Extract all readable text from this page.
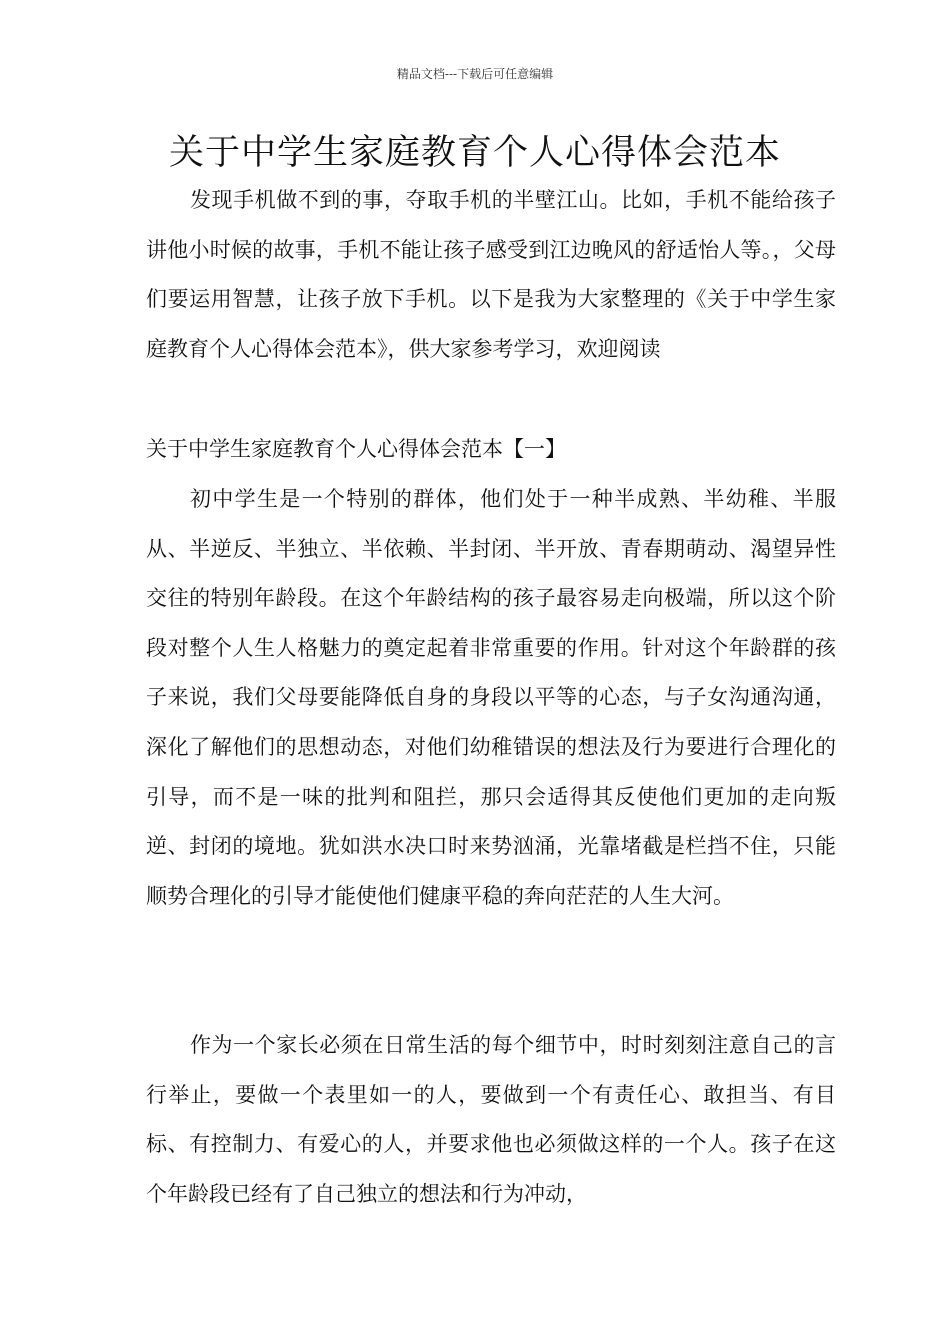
精品文档---下载后可任意编辑
关于中学生家庭教育个人心得体会范本

发现手机做不到的事，夺取手机的半壁江山。比如，手机不能给孩子讲他小时候的故事，手机不能让孩子感受到江边晚风的舒适怡人等。，父母们要运用智慧，让孩子放下手机。以下是我为大家整理的《关于中学生家庭教育个人心得体会范本》，供大家参考学习，欢迎阅读

关于中学生家庭教育个人心得体会范本【一】

初中学生是一个特别的群体，他们处于一种半成熟、半幼稚、半服从、半逆反、半独立、半依赖、半封闭、半开放、青春期萌动、渴望异性交往的特别年龄段。在这个年龄结构的孩子最容易走向极端，所以这个阶段对整个人生人格魅力的奠定起着非常重要的作用。针对这个年龄群的孩子来说，我们父母要能降低自身的身段以平等的心态，与子女沟通沟通，深化了解他们的思想动态，对他们幼稚错误的想法及行为要进行合理化的引导，而不是一味的批判和阻拦，那只会适得其反使他们更加的走向叛逆、封闭的境地。犹如洪水决口时来势汹涌，光靠堵截是栏挡不住，只能顺势合理化的引导才能使他们健康平稳的奔向茫茫的人生大河。

作为一个家长必须在日常生活的每个细节中，时时刻刻注意自己的言行举止，要做一个表里如一的人，要做到一个有责任心、敢担当、有目标、有控制力、有爱心的人，并要求他也必须做这样的一个人。孩子在这个年龄段已经有了自己独立的想法和行为冲动，
